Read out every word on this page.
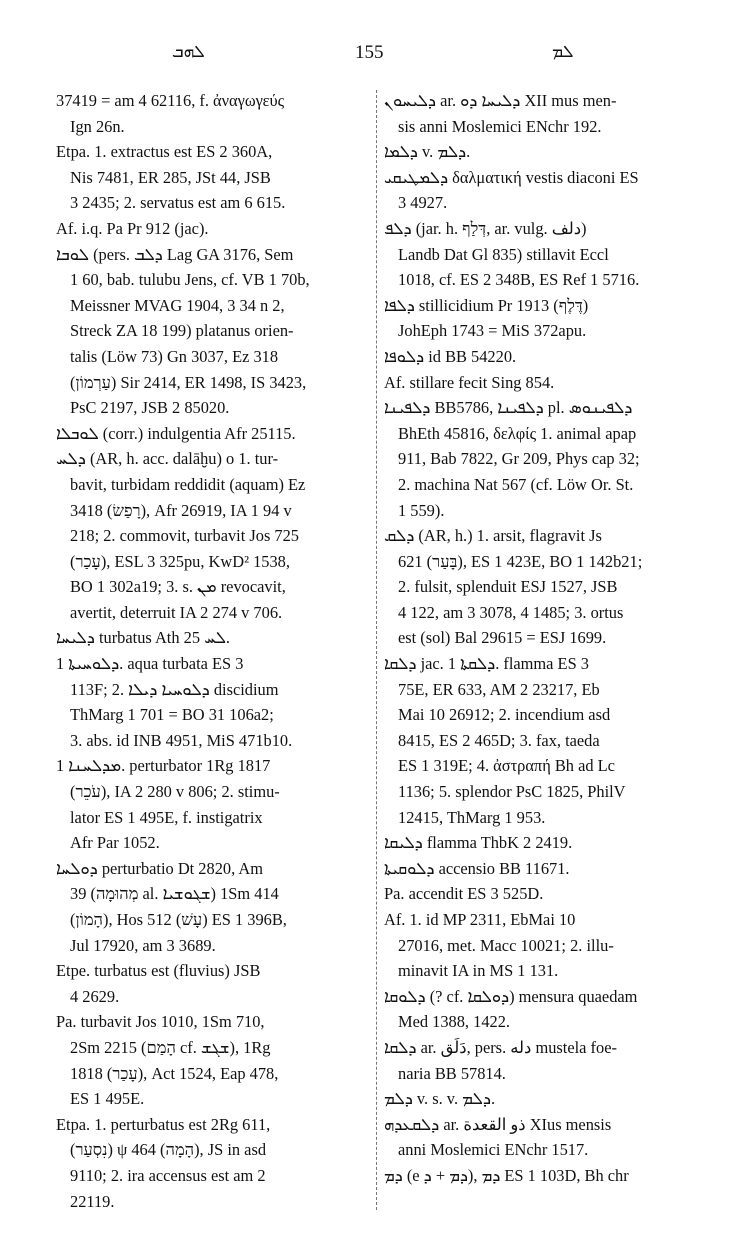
ܠܗܒ	155	ܠܡ
37419 = am 4 62116, f. ἀναγωγεύς
Ign 26n.
Etpa. 1. extractus est ES 2 360A,
Nis 7481, ER 285, JSt 44, JSB
3 2435; 2. servatus est am 6 615.
Af. i.q. Pa Pr 912 (jac).
ܠܘܒܐ (pers. ܕܠܒ Lag GA 3176, Sem
1 60, bab. tulubu Jens, cf. VB 1 70b,
Meissner MVAG 1904, 3 34 n 2,
Streck ZA 18 199) platanus orien-
talis (Löw 73) Gn 3037, Ez 318
(עַרְמוֹן) Sir 2414, ER 1498, IS 3423,
PsC 2197, JSB 2 85020.
ܠܘܒܠܐ (corr.) indulgentia Afr 25115.
ܕܠܚ (AR, h. acc. dalāḫu) o 1. tur-
bavit, turbidam reddidit (aquam) Ez
3418 (רָפַשׂ), Afr 26919, IA 1 94 v
218; 2. commovit, turbavit Jos 725
(עָכַר), ESL 3 325pu, KwD² 1538,
BO 1 302a19; 3. s. ܡܢ revocavit,
avertit, deterruit IA 2 274 v 706.
ܕܠܝܚܐ turbatus Ath ܠܚ 25.
ܕܠܘܚܝܬܐ 1. aqua turbata ES 3
113F; 2. ܕܠܘܚܝܐ ܕܝܠܐ discidium
ThMarg 1 701 = BO 31 106a2;
3. abs. id INB 4951, MiS 471b10.
ܡܕܠܚܢܐ 1. perturbator 1Rg 1817
(עֹכֵר), IA 2 280 v 806; 2. stimu-
lator ES 1 495E, f. instigatrix
Afr Par 1052.
ܕܘܠܚܐ perturbatio Dt 2820, Am
39 (מְהוּמָה al. ܫܓܘܫܝܐ) 1Sm 414
(הָמוֹן), Hos 512 (עָשׁ) ES 1 396B,
Jul 17920, am 3 3689.
Etpe. turbatus est (fluvius) JSB
4 2629.
Pa. turbavit Jos 1010, 1Sm 710,
2Sm 2215 (הָמַם cf. ܫܓܫ), 1Rg
1818 (עָכַר), Act 1524, Eap 478,
ES 1 495E.
Etpa. 1. perturbatus est 2Rg 611,
(נִסְעַר) ψ 464 (הָמָה), JS in asd
9110; 2. ira accensus est am 2
22119.
ܕܠܝܚܘܢ ar. ܕܠܝܚܐ ܕܘ XII mus men-
sis anni Moslemici ENchr 192.
ܕܠܡܐ v. ܕܠܡ.
ܕܠܡܛܝܩܝ δαλματική vestis diaconi ES
3 4927.
ܕܠܦ (jar. h. דְּלַף, ar. vulg. دلف)
Landb Dat Gl 835) stillavit Eccl
1018, cf. ES 2 348B, ES Ref 1 5716.
ܕܠܦܐ stillicidium Pr 1913 (דֶּלֶף)
JohEph 1743 = MiS 372apu.
ܕܠܘܦܐ id BB 54220.
Af. stillare fecit Sing 854.
ܕܠܦܝܢܐ BB5786, ܕܠܦܝܢܐ pl. ܕܠܦܝܢܘܣ
BhEth 45816, δελφίς 1. animal apap
911, Bab 7822, Gr 209, Phys cap 32;
2. machina Nat 567 (cf. Löw Or. St.
1 559).
ܕܠܩ (AR, h.) 1. arsit, flagravit Js
621 (בָּעַר), ES 1 423E, BO 1 142b21;
2. fulsit, splenduit ESJ 1527, JSB
4 122, am 3 3078, 4 1485; 3. ortus
est (sol) Bal 29615 = ESJ 1699.
ܕܠܩܐ jac. ܕܠܩܬܐ 1. flamma ES 3
75E, ER 633, AM 2 23217, Eb
Mai 10 26912; 2. incendium asd
8415, ES 2 465D; 3. fax, taeda
ES 1 319E; 4. ἀστραπή Bh ad Lc
1136; 5. splendor PsC 1825, PhilV
12415, ThMarg 1 953.
ܕܠܝܩܐ flamma ThbK 2 2419.
ܕܠܘܩܝܬܐ accensio BB 11671.
Pa. accendit ES 3 525D.
Af. 1. id MP 2311, EbMai 10
27016, met. Macc 10021; 2. illu-
minavit IA in MS 1 131.
ܕܠܘܩܐ (? cf. ܕܘܠܩܐ) mensura quaedam
Med 1388, 1422.
ܕܠܩܐ ar. دَلَق, pers. دله mustela foe-
naria BB 57814.
ܕܠܡ v. s. v. ܕܠܡ.
ܕܠܩܥܕܗ ar. ذو القعدة XIus mensis
anni Moslemici ENchr 1517.
ܕܡ (e ܕܡ + ܕ), ܕܡ ES 1 103D, Bh chr
